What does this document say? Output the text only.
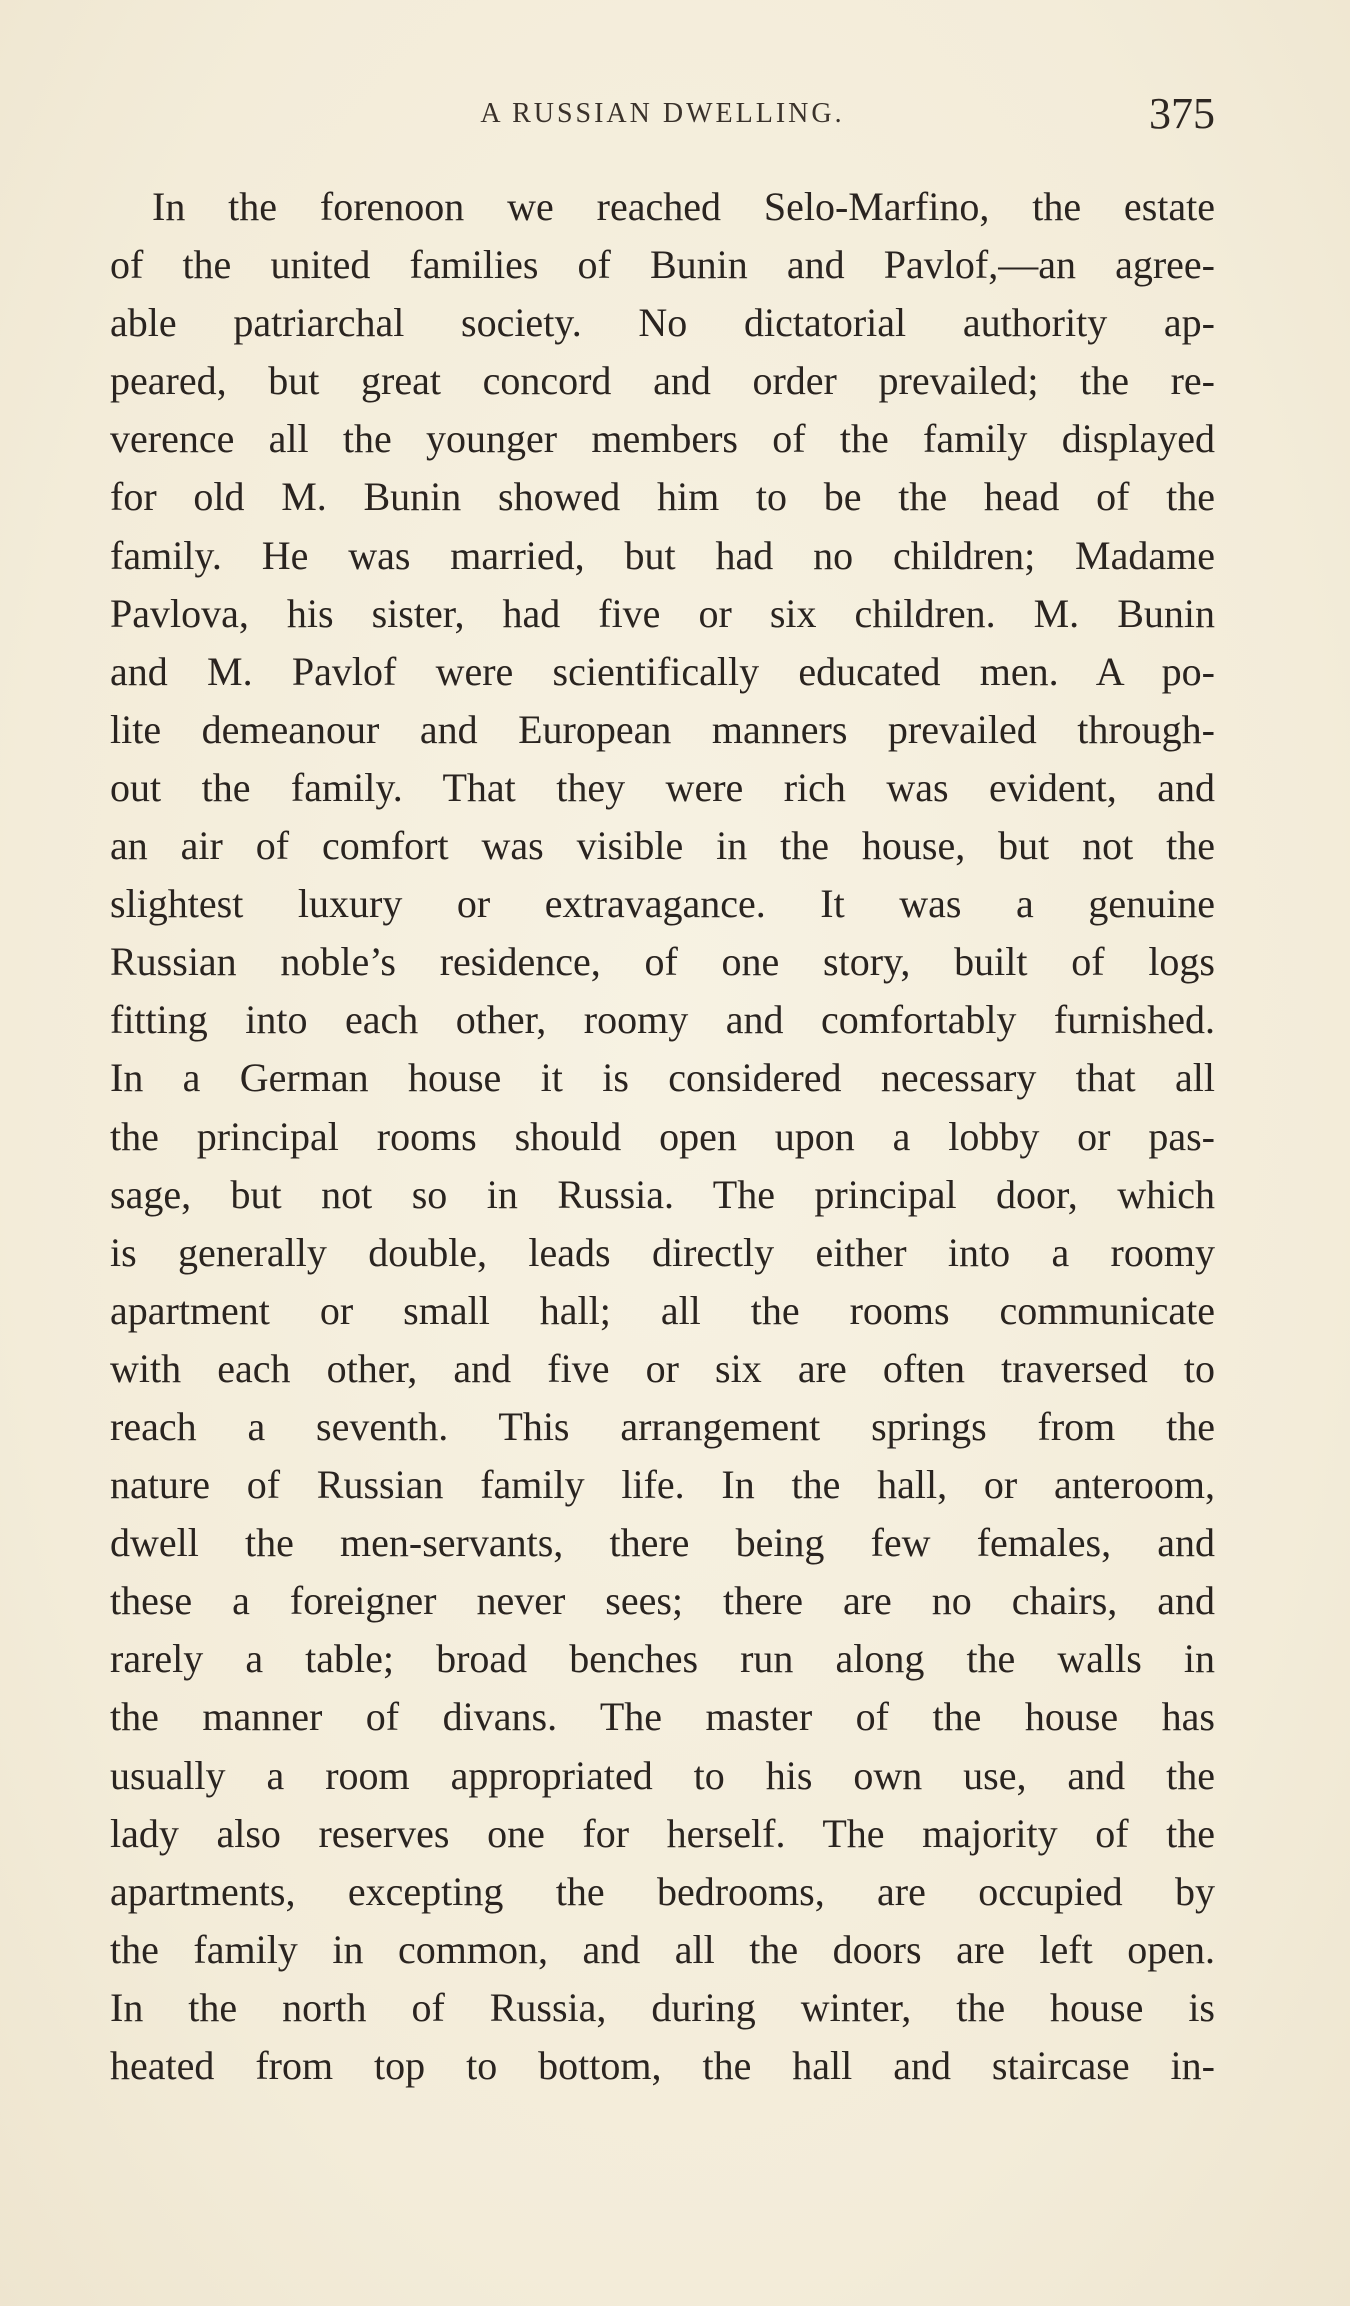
A RUSSIAN DWELLING.	375
In the forenoon we reached Selo-Marfino, the estate
of the united families of Bunin and Pavlof,—an agree-
able patriarchal society. No dictatorial authority ap-
peared, but great concord and order prevailed; the re-
verence all the younger members of the family displayed
for old M. Bunin showed him to be the head of the
family. He was married, but had no children; Madame
Pavlova, his sister, had five or six children. M. Bunin
and M. Pavlof were scientifically educated men. A po-
lite demeanour and European manners prevailed through-
out the family. That they were rich was evident, and
an air of comfort was visible in the house, but not the
slightest luxury or extravagance. It was a genuine
Russian noble’s residence, of one story, built of logs
fitting into each other, roomy and comfortably furnished.
In a German house it is considered necessary that all
the principal rooms should open upon a lobby or pas-
sage, but not so in Russia. The principal door, which
is generally double, leads directly either into a roomy
apartment or small hall; all the rooms communicate
with each other, and five or six are often traversed to
reach a seventh. This arrangement springs from the
nature of Russian family life. In the hall, or anteroom,
dwell the men-servants, there being few females, and
these a foreigner never sees; there are no chairs, and
rarely a table; broad benches run along the walls in
the manner of divans. The master of the house has
usually a room appropriated to his own use, and the
lady also reserves one for herself. The majority of the
apartments, excepting the bedrooms, are occupied by
the family in common, and all the doors are left open.
In the north of Russia, during winter, the house is
heated from top to bottom, the hall and staircase in-
